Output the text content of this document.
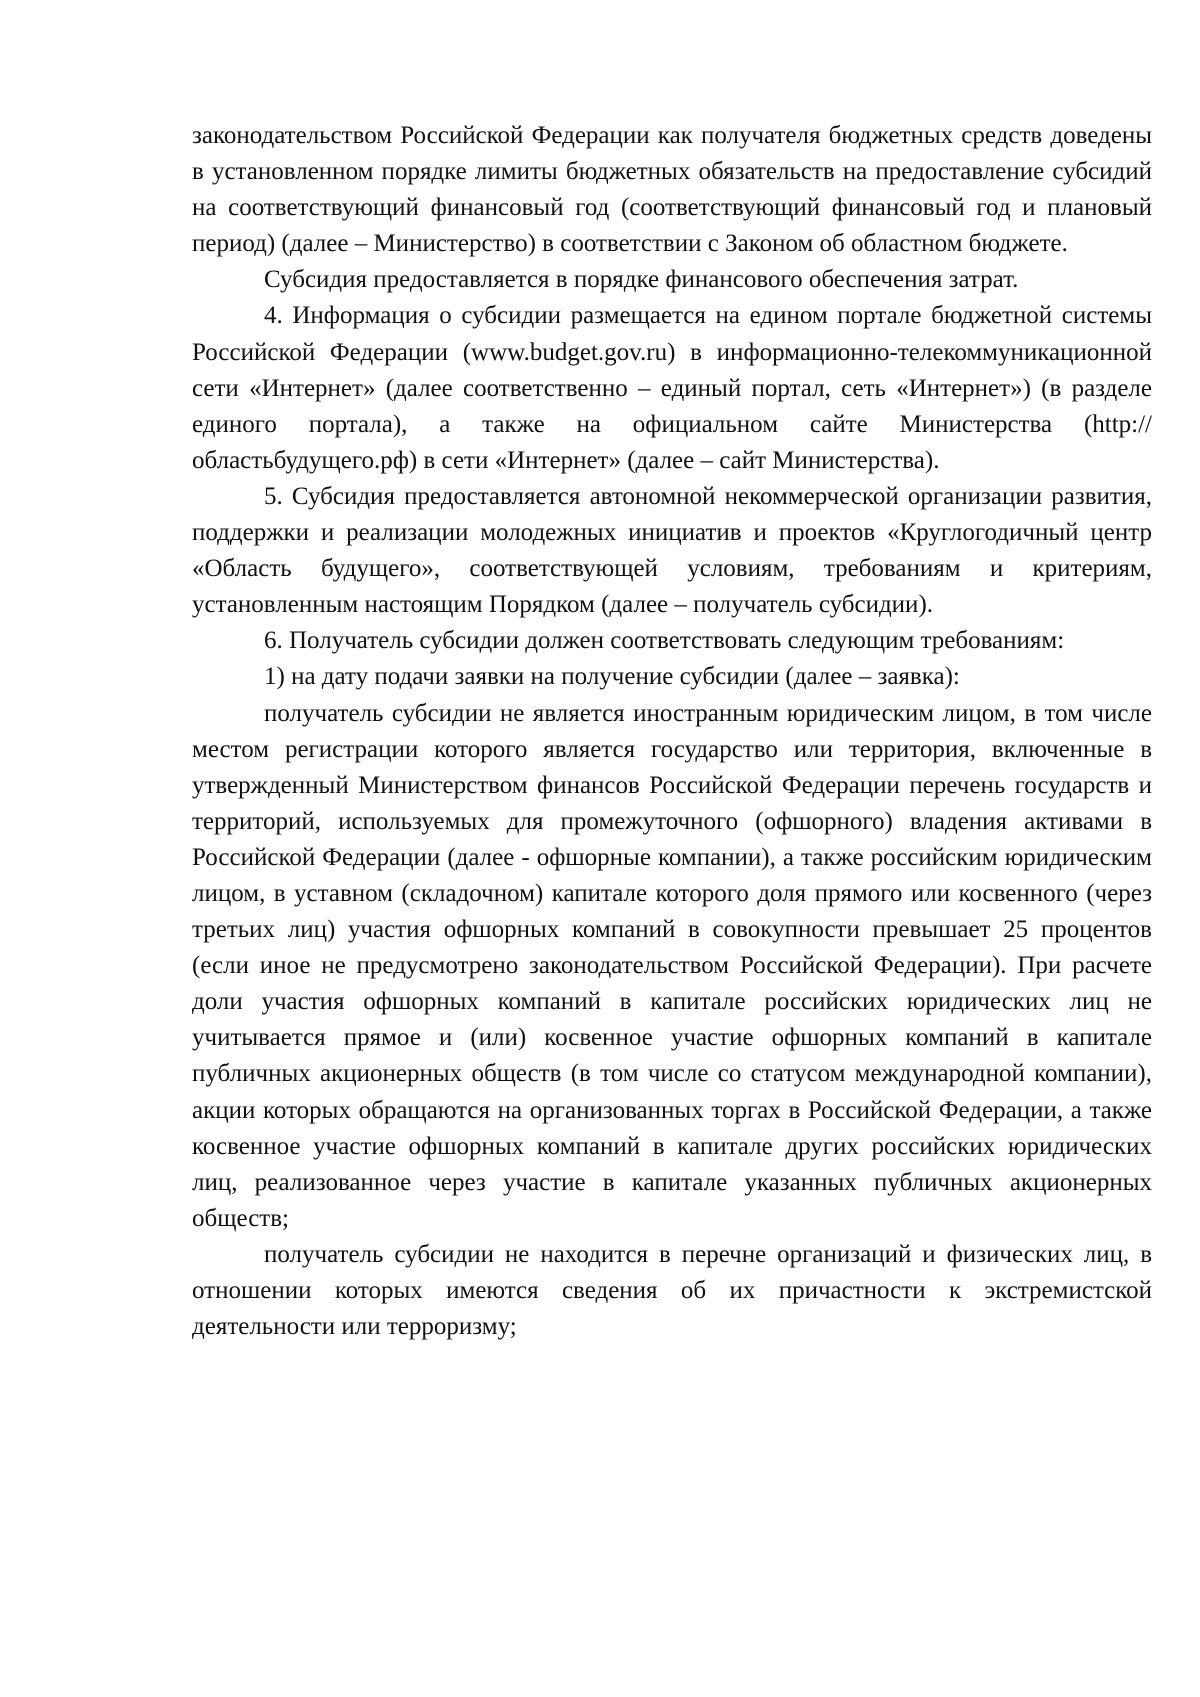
законодательством Российской Федерации как получателя бюджетных средств доведены в установленном порядке лимиты бюджетных обязательств на предоставление субсидий на соответствующий финансовый год (соответствующий финансовый год и плановый период) (далее – Министерство) в соответствии с Законом об областном бюджете.

Субсидия предоставляется в порядке финансового обеспечения затрат.

4. Информация о субсидии размещается на едином портале бюджетной системы Российской Федерации (www.budget.gov.ru) в информационно-телекоммуникационной сети «Интернет» (далее соответственно – единый портал, сеть «Интернет») (в разделе единого портала), а также на официальном сайте Министерства (http://областьбудущего.рф) в сети «Интернет» (далее – сайт Министерства).

5. Субсидия предоставляется автономной некоммерческой организации развития, поддержки и реализации молодежных инициатив и проектов «Круглогодичный центр «Область будущего», соответствующей условиям, требованиям и критериям, установленным настоящим Порядком (далее – получатель субсидии).

6. Получатель субсидии должен соответствовать следующим требованиям:

1) на дату подачи заявки на получение субсидии (далее – заявка):

получатель субсидии не является иностранным юридическим лицом, в том числе местом регистрации которого является государство или территория, включенные в утвержденный Министерством финансов Российской Федерации перечень государств и территорий, используемых для промежуточного (офшорного) владения активами в Российской Федерации (далее - офшорные компании), а также российским юридическим лицом, в уставном (складочном) капитале которого доля прямого или косвенного (через третьих лиц) участия офшорных компаний в совокупности превышает 25 процентов (если иное не предусмотрено законодательством Российской Федерации). При расчете доли участия офшорных компаний в капитале российских юридических лиц не учитывается прямое и (или) косвенное участие офшорных компаний в капитале публичных акционерных обществ (в том числе со статусом международной компании), акции которых обращаются на организованных торгах в Российской Федерации, а также косвенное участие офшорных компаний в капитале других российских юридических лиц, реализованное через участие в капитале указанных публичных акционерных обществ;

получатель субсидии не находится в перечне организаций и физических лиц, в отношении которых имеются сведения об их причастности к экстремистской деятельности или терроризму;
